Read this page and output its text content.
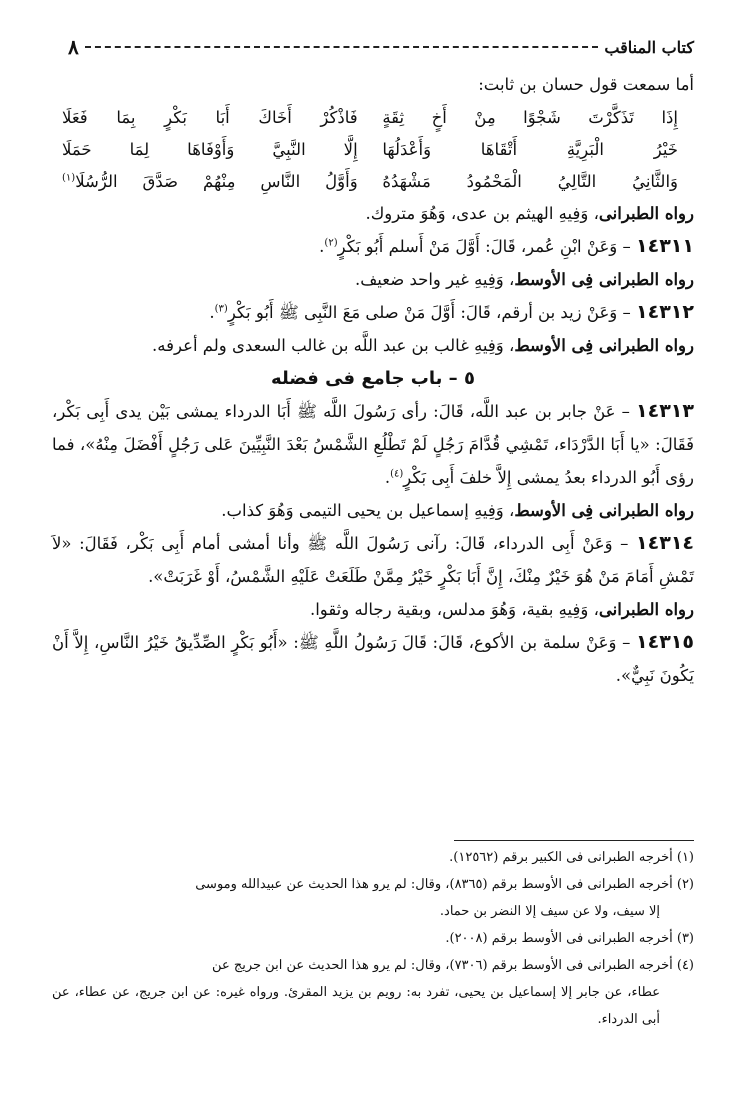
كتاب المناقب
٨

أما سمعت قول حسان بن ثابت:

إِذَا تَذَكَّرْتَ شَجْوًا مِنْ أَخٍ ثِقَةٍ
فَاذْكُرْ أَخَاكَ أَبَا بَكْرٍ بِمَا فَعَلَا
خَيْرُ الْبَرِيَّةِ أَتْقَاهَا وَأَعْدَلُهَا
إِلَّا النَّبِيَّ وَأَوْفَاهَا لِمَا حَمَلَا
وَالثَّانِيُ التَّالِيُ الْمَحْمُودُ مَشْهَدُهُ
وَأَوَّلُ النَّاسِ مِنْهُمْ صَدَّقَ الرُّسُلَا$^{(١)}$

رواه الطبرانى، وَفِيهِ الهيثم بن عدى، وَهُوَ متروك.

١٤٣١١ – وَعَنْ ابْنِ عُمر، قَالَ: أَوَّلَ مَنْ أَسلم أَبُو بَكْرٍ$^{(٢)}$.

رواه الطبرانى فِى الأوسط، وَفِيهِ غير واحد ضعيف.

١٤٣١٢ – وَعَنْ زيد بن أرقم، قَالَ: أَوَّلَ مَنْ صلى مَعَ النَّبِى ﷺ أَبُو بَكْرٍ$^{(٣)}$.

رواه الطبرانى فِى الأوسط، وَفِيهِ غالب بن عبد اللَّه بن غالب السعدى ولم أعرفه.

٥ – باب جامع فى فضله

١٤٣١٣ – عَنْ جابر بن عبد اللَّه، قَالَ: رأى رَسُولَ اللَّه ﷺ أَبَا الدرداء يمشى بَيْن يدى أَبِى بَكْر، فَقَالَ: «يا أَبَا الدَّرْدَاء، تَمْشِي قُدَّامَ رَجُلٍ لَمْ تَطْلُعِ الشَّمْسُ بَعْدَ النَّبِيِّينَ عَلى رَجُلٍ أَفْضَلَ مِنْهُ»، فما رؤى أَبُو الدرداء بعدُ يمشى إِلاَّ خلفَ أَبِى بَكْرٍ$^{(٤)}$.

رواه الطبرانى فِى الأوسط، وَفِيهِ إسماعيل بن يحيى التيمى وَهُوَ كذاب.

١٤٣١٤ – وَعَنْ أَبِى الدرداء، قَالَ: رآنى رَسُولَ اللَّه ﷺ وأنا أمشى أمام أَبِى بَكْر، فَقَالَ: «لاَ تَمْشِ أَمَامَ مَنْ هُوَ خَيْرٌ مِنْكَ، إِنَّ أَبَا بَكْرٍ خَيْرُ مِمَّنْ طَلَعَتْ عَلَيْهِ الشَّمْسُ، أَوْ غَرَبَتْ».

رواه الطبرانى، وَفِيهِ بقية، وَهُوَ مدلس، وبقية رجاله وثقوا.

١٤٣١٥ – وَعَنْ سلمة بن الأكوع، قَالَ: قَالَ رَسُولُ اللَّهِ ﷺ: «أَبُو بَكْرٍ الصِّدِّيقُ خَيْرُ النَّاسِ، إِلاَّ أَنْ يَكُونَ نَبِيٌّ».

(١) أخرجه الطبرانى فى الكبير برقم (١٢٥٦٢).

(٢) أخرجه الطبرانى فى الأوسط برقم (٨٣٦٥)، وقال: لم يرو هذا الحديث عن عبيدالله وموسى

إلا سيف، ولا عن سيف إلا النضر بن حماد.

(٣) أخرجه الطبرانى فى الأوسط برقم (٢٠٠٨).

(٤) أخرجه الطبرانى فى الأوسط برقم (٧٣٠٦)، وقال: لم يرو هذا الحديث عن ابن جريج عن

عطاء، عن جابر إلا إسماعيل بن يحيى، تفرد به: رويم بن يزيد المقرئ. ورواه غيره: عن ابن جريج، عن عطاء، عن أبى الدرداء.
